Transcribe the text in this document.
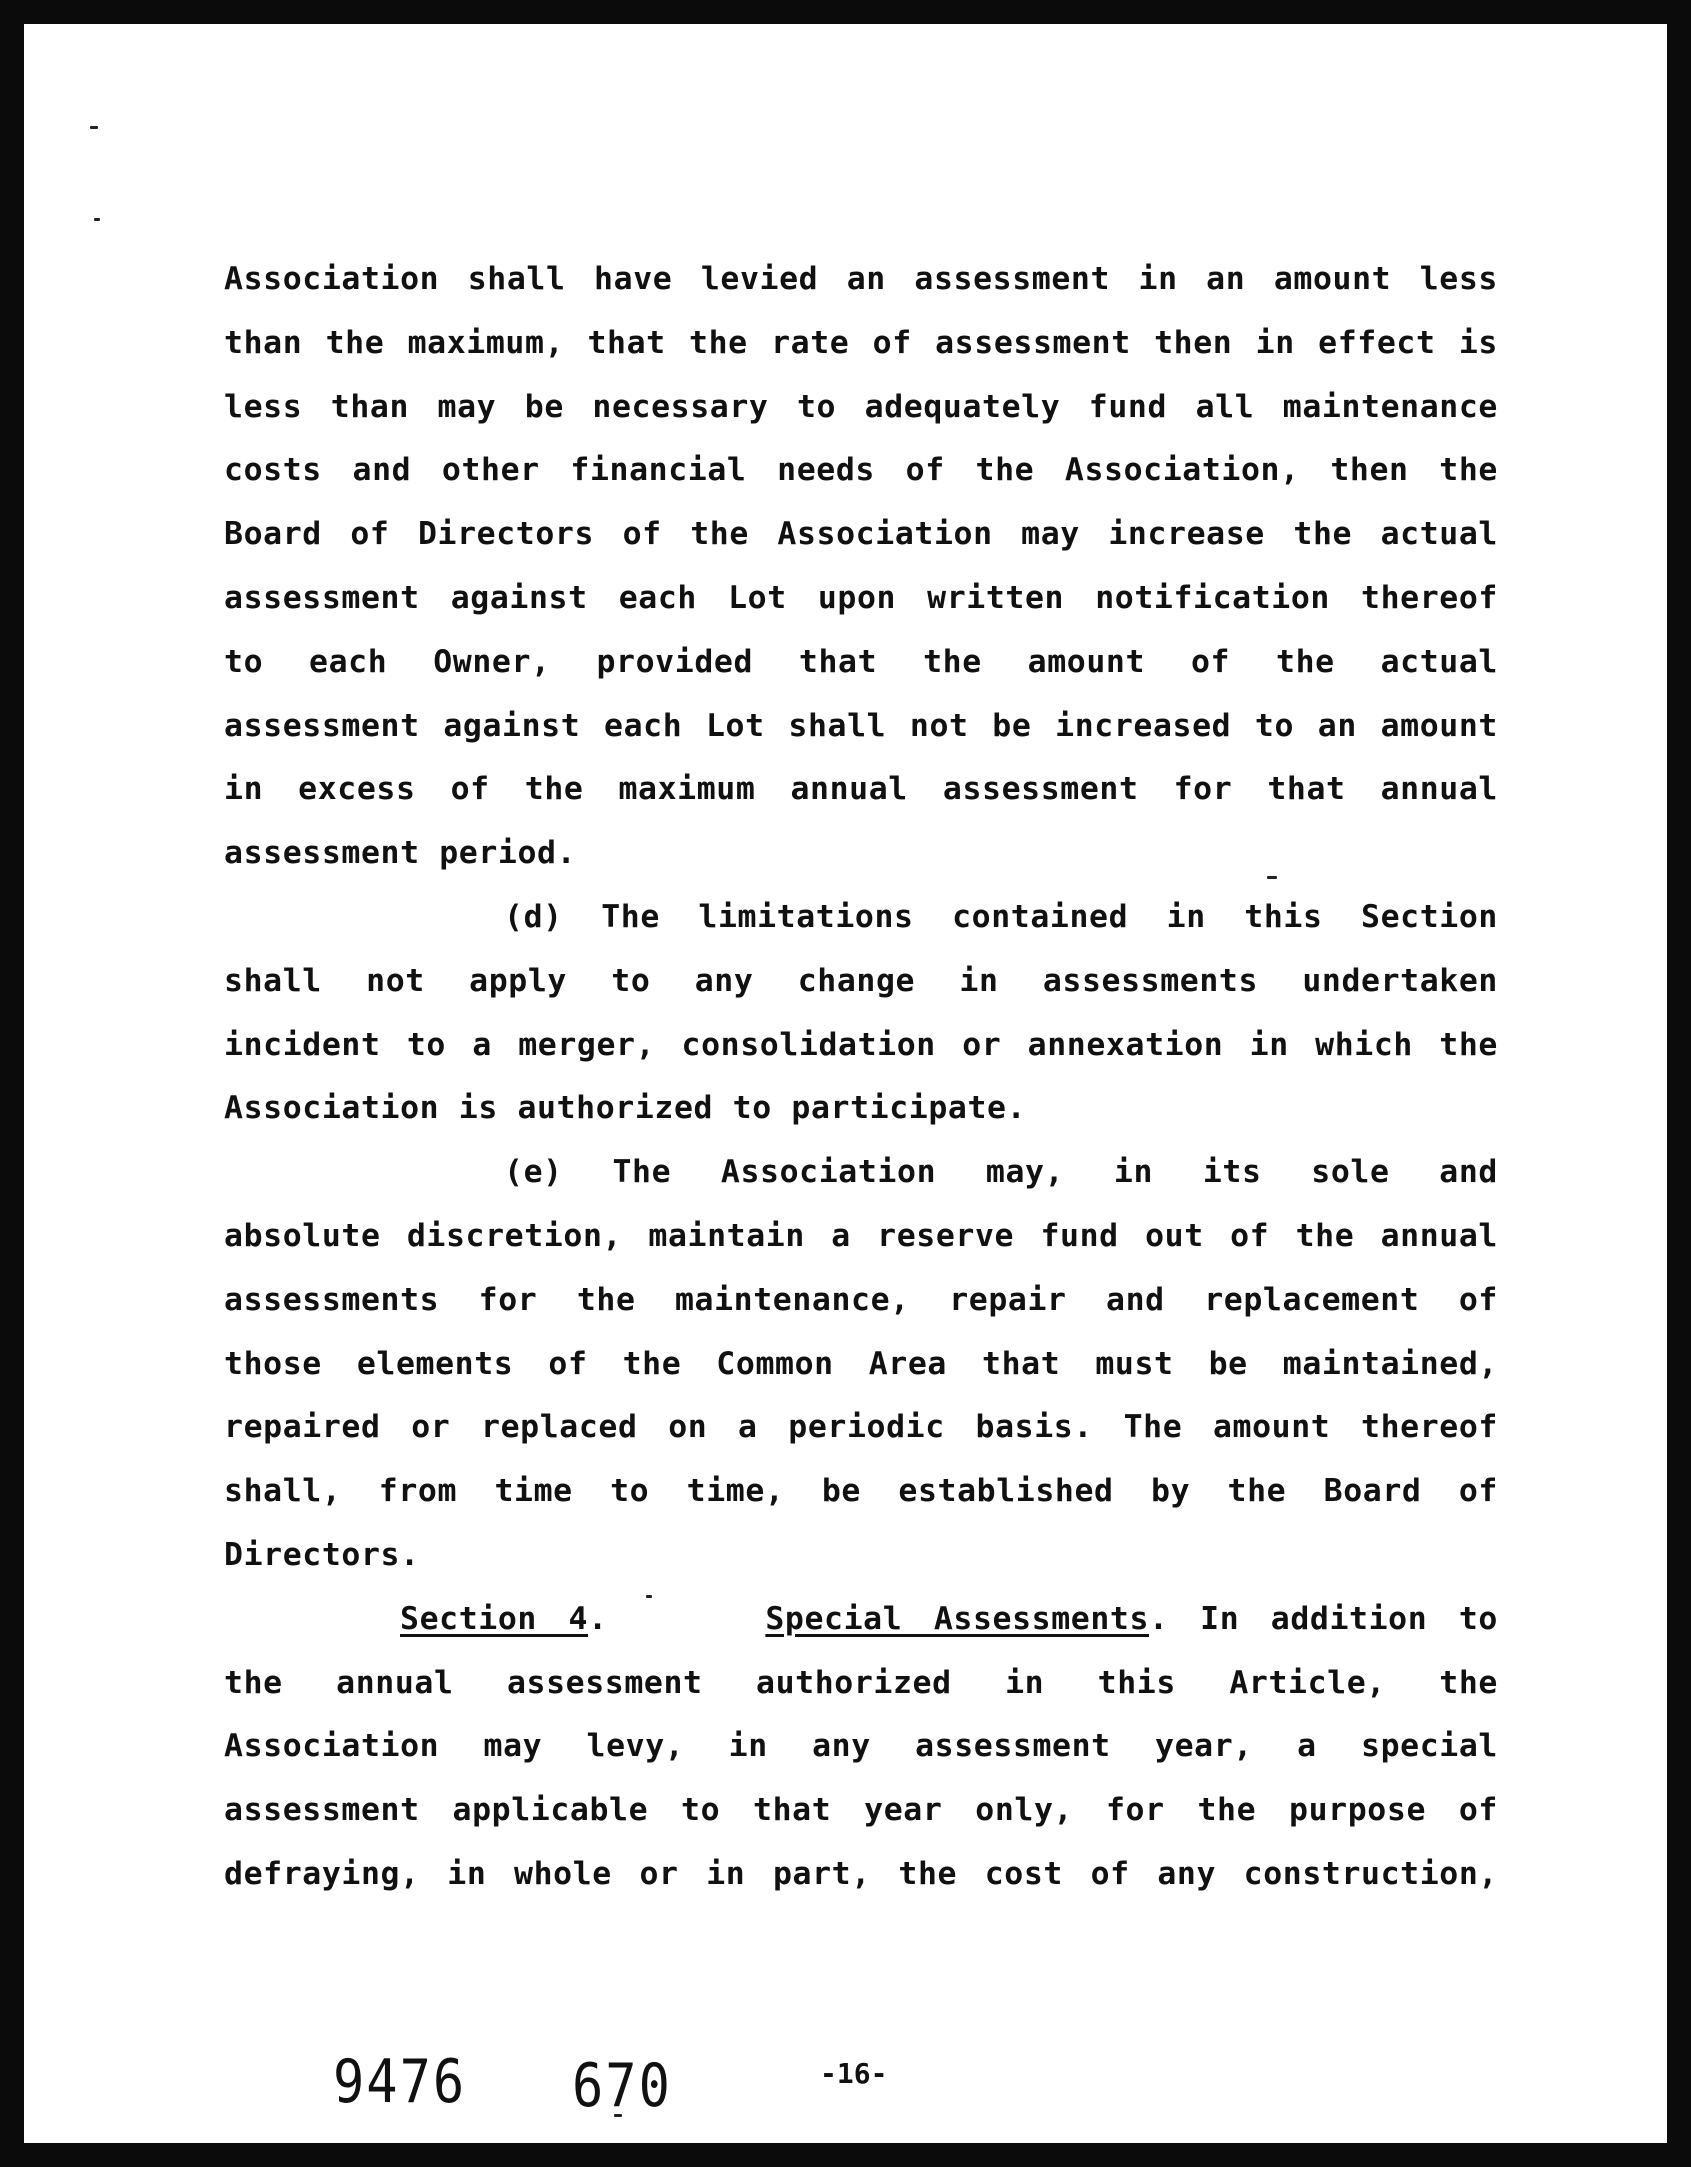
Association shall have levied an assessment in an amount less
than the maximum, that the rate of assessment then in effect is
less than may be necessary to adequately fund all maintenance
costs and other financial needs of the Association, then the
Board of Directors of the Association may increase the actual
assessment against each Lot upon written notification thereof
to each Owner, provided that the amount of the actual
assessment against each Lot shall not be increased to an amount
in excess of the maximum annual assessment for that annual
assessment period.
(d) The limitations contained in this Section
shall not apply to any change in assessments undertaken
incident to a merger, consolidation or annexation in which the
Association is authorized to participate.
(e) The Association may, in its sole and
absolute discretion, maintain a reserve fund out of the annual
assessments for the maintenance, repair and replacement of
those elements of the Common Area that must be maintained,
repaired or replaced on a periodic basis. The amount thereof
shall, from time to time, be established by the Board of
Directors.
Section 4.	Special Assessments. In addition to
the annual assessment authorized in this Article, the
Association may levy, in any assessment year, a special
assessment applicable to that year only, for the purpose of
defraying, in whole or in part, the cost of any construction,
9476 670	-16-
